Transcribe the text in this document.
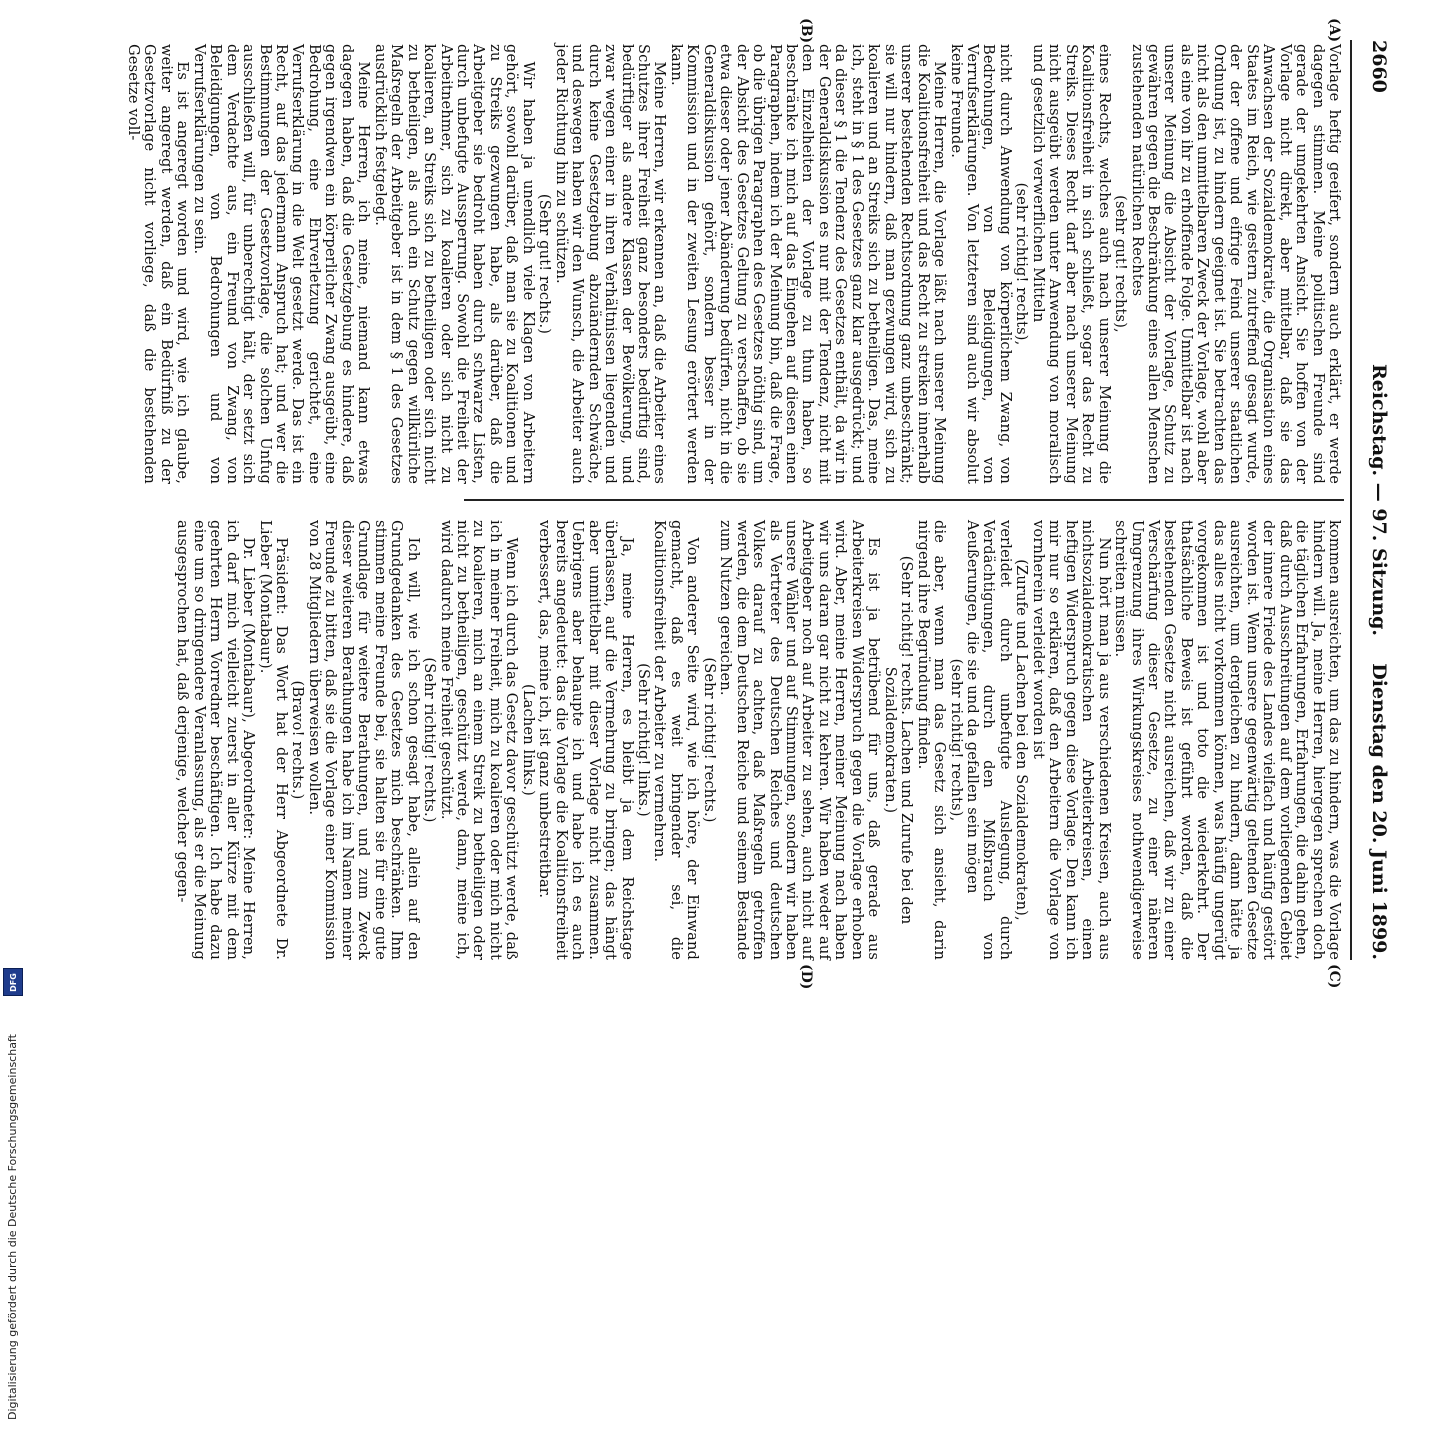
2660
Reichstag. — 97. Sitzung.
Dienstag den 20. Juni 1899.
(A)
(B)
(C)
(D)

Vorlage heftig geeifert, sondern auch erklärt, er werde dagegen stimmen. Meine politischen Freunde sind gerade der umgekehrten Ansicht. Sie hoffen von der Vorlage nicht direkt, aber mittelbar, daß sie das Anwachsen der Sozialdemokratie, die Organisation eines Staates im Reich, wie gestern zutreffend gesagt wurde, der der offene und eifrige Feind unserer staatlichen Ordnung ist, zu hindern geeignet ist. Sie betrachten das nicht als den unmittelbaren Zweck der Vorlage, wohl aber als eine von ihr zu erhoffende Folge. Unmittelbar ist nach unserer Meinung die Absicht der Vorlage, Schutz zu gewähren gegen die Beschränkung eines allen Menschen zustehenden natürlichen Rechtes

(sehr gut! rechts),

eines Rechts, welches auch nach unserer Meinung die Koalitionsfreiheit in sich schließt, sogar das Recht zu Streiks. Dieses Recht darf aber nach unserer Meinung nicht ausgeübt werden unter Anwendung von moralisch und gesetzlich verwerflichen Mitteln

(sehr richtig! rechts),

nicht durch Anwendung von körperlichem Zwang, von Bedrohungen, von Beleidigungen, von Verrufserklärungen. Von letzteren sind auch wir absolut keine Freunde.

Meine Herren, die Vorlage läßt nach unserer Meinung die Koalitionsfreiheit und das Recht zu streiken innerhalb unserer bestehenden Rechtsordnung ganz unbeschränkt; sie will nur hindern, daß man gezwungen wird, sich zu koalieren und an Streiks sich zu betheiligen. Das, meine ich, steht in § 1 des Gesetzes ganz klar ausgedrückt; und da dieser § 1 die Tendenz des Gesetzes enthält, da wir in der Generaldiskussion es nur mit der Tendenz, nicht mit den Einzelheiten der Vorlage zu thun haben, so beschränke ich mich auf das Eingehen auf diesen einen Paragraphen, indem ich der Meinung bin, daß die Frage, ob die übrigen Paragraphen des Gesetzes nöthig sind, um der Absicht des Gesetzes Geltung zu verschaffen, ob sie etwa dieser oder jener Abänderung bedürfen, nicht in die Generaldiskussion gehört, sondern besser in der Kommission und in der zweiten Lesung erörtert werden kann.

Meine Herren, wir erkennen an, daß die Arbeiter eines Schutzes ihrer Freiheit ganz besonders bedürftig sind, bedürftiger als andere Klassen der Bevölkerung, und zwar wegen einer in ihren Verhältnissen liegenden und durch keine Gesetzgebung abzuändernden Schwäche, und deswegen haben wir den Wunsch, die Arbeiter auch jeder Richtung hin zu schützen.

(Sehr gut! rechts.)

Wir haben ja unendlich viele Klagen von Arbeitern gehört, sowohl darüber, daß man sie zu Koalitionen und zu Streiks gezwungen habe, als darüber, daß die Arbeitgeber sie bedroht haben durch schwarze Listen, durch unbefugte Aussperrung. Sowohl die Freiheit der Arbeitnehmer, sich zu koalieren oder sich nicht zu koalieren, an Streiks sich zu betheiligen oder sich nicht zu betheiligen, als auch ein Schutz gegen willkürliche Maßregeln der Arbeitgeber ist in dem § 1 des Gesetzes ausdrücklich festgelegt.

Meine Herren, ich meine, niemand kann etwas dagegen haben, daß die Gesetzgebung es hindere, daß gegen irgendwen ein körperlicher Zwang ausgeübt, eine Bedrohung, eine Ehrverletzung gerichtet, eine Verrufserklärung in die Welt gesetzt werde. Das ist ein Recht, auf das jedermann Anspruch hat; und wer die Bestimmungen der Gesetzvorlage, die solchen Unfug ausschließen will, für unberechtigt hält, der setzt sich dem Verdachte aus, ein Freund von Zwang, von Beleidigungen, von Bedrohungen und von Verrufserklärungen zu sein.

Es ist angeregt worden und wird, wie ich glaube, weiter angeregt werden, daß ein Bedürfniß zu der Gesetzvorlage nicht vorliege, daß die bestehenden Gesetze voll-

kommen ausreichten, um das zu hindern, was die Vorlage hindern will. Ja, meine Herren, hiergegen sprechen doch die täglichen Erfahrungen, Erfahrungen, die dahin gehen, daß durch Ausschreitungen auf dem vorliegenden Gebiet der innere Friede des Landes vielfach und häufig gestört worden ist. Wenn unsere gegenwärtig geltenden Gesetze ausreichten, um dergleichen zu hindern, dann hätte ja das alles nicht vorkommen können, was häufig ungerügt vorgekommen ist und toto die wiederkehrt. Der thatsächliche Beweis ist geführt worden, daß die bestehenden Gesetze nicht ausreichen, daß wir zu einer Verschärfung dieser Gesetze, zu einer näheren Umgrenzung ihres Wirkungskreises nothwendigerweise schreiten müssen.

Nun hört man ja aus verschiedenen Kreisen, auch aus nichtsozialdemokratischen Arbeiterkreisen, einen heftigen Widerspruch gegen diese Vorlage. Den kann ich mir nur so erklären, daß den Arbeitern die Vorlage von vornherein verleidet worden ist

(Zurufe und Lachen bei den Sozialdemokraten),

verleidet durch unbefugte Auslegung, durch Verdächtigungen, durch den Mißbrauch von Aeußerungen, die sie und da gefallen sein mögen

(sehr richtig! rechts),

die aber, wenn man das Gesetz sich ansieht, darin nirgend ihre Begründung finden.

(Sehr richtig! rechts. Lachen und Zurufe bei den Sozialdemokraten.)

Es ist ja betrübend für uns, daß gerade aus Arbeiterkreisen Widerspruch gegen die Vorlage erhoben wird. Aber, meine Herren, meiner Meinung nach haben wir uns daran gar nicht zu kehren. Wir haben weder auf Arbeitgeber noch auf Arbeiter zu sehen, auch nicht auf unsere Wähler und auf Stimmungen, sondern wir haben als Vertreter des Deutschen Reiches und deutschen Volkes darauf zu achten, daß Maßregeln getroffen werden, die dem Deutschen Reiche und seinem Bestande zum Nutzen gereichen.

(Sehr richtig! rechts.)

Von anderer Seite wird, wie ich höre, der Einwand gemacht, daß es weit bringender sei, die Koalitionsfreiheit der Arbeiter zu vermehren.

(Sehr richtig! links.)

Ja, meine Herren, es bleibt ja dem Reichstage überlassen, auf die Vermehrung zu bringen; das hängt aber unmittelbar mit dieser Vorlage nicht zusammen. Uebrigens aber behaupte ich und habe ich es auch bereits angedeutet: das die Vorlage die Koalitionsfreiheit verbessert, das, meine ich, ist ganz unbestreitbar.

(Lachen links.)

Wenn ich durch das Gesetz davor geschützt werde, daß ich in meiner Freiheit, mich zu koalieren oder mich nicht zu koalieren, mich an einem Streik zu betheiligen oder nicht zu betheiligen, geschützt werde, dann, meine ich, wird dadurch meine Freiheit geschützt.

(Sehr richtig! rechts.)

Ich will, wie ich schon gesagt habe, allein auf den Grundgedanken des Gesetzes mich beschränken. Ihm stimmen meine Freunde bei, sie halten sie für eine gute Grundlage für weitere Berathungen, und zum Zweck dieser weiteren Berathungen habe ich im Namen meiner Freunde zu bitten, daß sie die Vorlage einer Kommission von 28 Mitgliedern überweisen wollen.

(Bravo! rechts.)

Präsident: Das Wort hat der Herr Abgeordnete Dr. Lieber (Montabaur).

Dr. Lieber (Montabaur), Abgeordneter: Meine Herren, ich darf mich vielleicht zuerst in aller Kürze mit dem geehrten Herrn Vorredner beschäftigen. Ich habe dazu eine um so dringendere Veranlassung, als er die Meinung ausgesprochen hat, daß derjenige, welcher gegen-

Digitalisierung gefördert durch die Deutsche Forschungsgemeinschaft
DFG
